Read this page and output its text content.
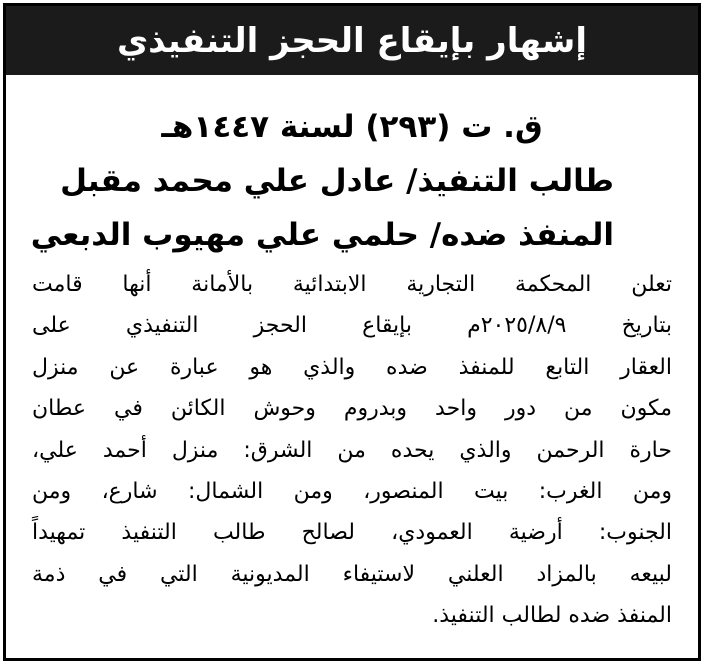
إشهار بإيقاع الحجز التنفيذي
ق. ت (٢٩٣) لسنة ١٤٤٧هـ
طالب التنفيذ/ عادل علي محمد مقبل
المنفذ ضده/ حلمي علي مهيوب الدبعي
تعلن المحكمة التجارية الابتدائية بالأمانة أنها قامت
بتاريخ ٢٠٢٥/٨/٩م بإيقاع الحجز التنفيذي على
العقار التابع للمنفذ ضده والذي هو عبارة عن منزل
مكون من دور واحد وبدروم وحوش الكائن في عطان
حارة الرحمن والذي يحده من الشرق: منزل أحمد علي،
ومن الغرب: بيت المنصور، ومن الشمال: شارع، ومن
الجنوب: أرضية العمودي، لصالح طالب التنفيذ تمهيداً
لبيعه بالمزاد العلني لاستيفاء المديونية التي في ذمة
المنفذ ضده لطالب التنفيذ.
